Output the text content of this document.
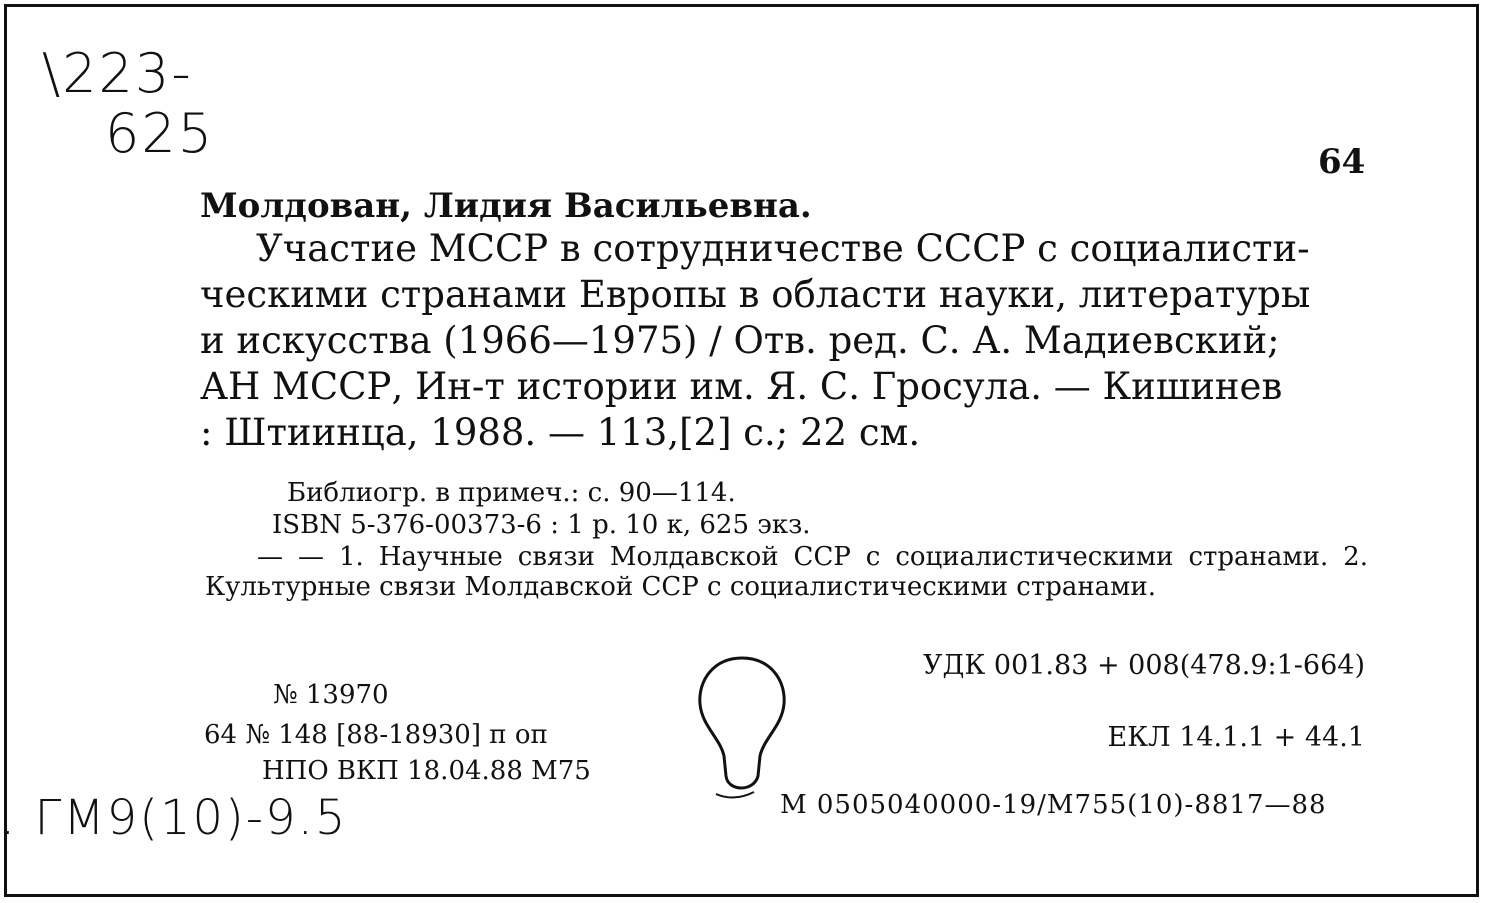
\223-
625	64
Молдован, Лидия Васильевна.
Участие МССР в сотрудничестве СССР с социалисти-
ческими странами Европы в области науки, литературы
и искусства (1966—1975) / Отв. ред. С. А. Мадиевский;
АН МССР, Ин-т истории им. Я. С. Гросула. — Кишинев
: Штиинца, 1988. — 113,[2] с.; 22 см.
Библиогр. в примеч.: с. 90—114.
ISBN 5-376-00373-6 : 1 р. 10 к, 625 экз.
— — 1. Научные связи Молдавской ССР с социалистическими странами. 2. Культурные связи Молдавской ССР с социалистическими странами.
УДК 001.83 + 008(478.9:1-664)
№ 13970
64 № 148 [88-18930] п оп	ЕКЛ 14.1.1 + 44.1
НПО ВКП 18.04.88 М75
. ГМ9(10)-9.5	М 0505040000-19/М755(10)-8817—88
